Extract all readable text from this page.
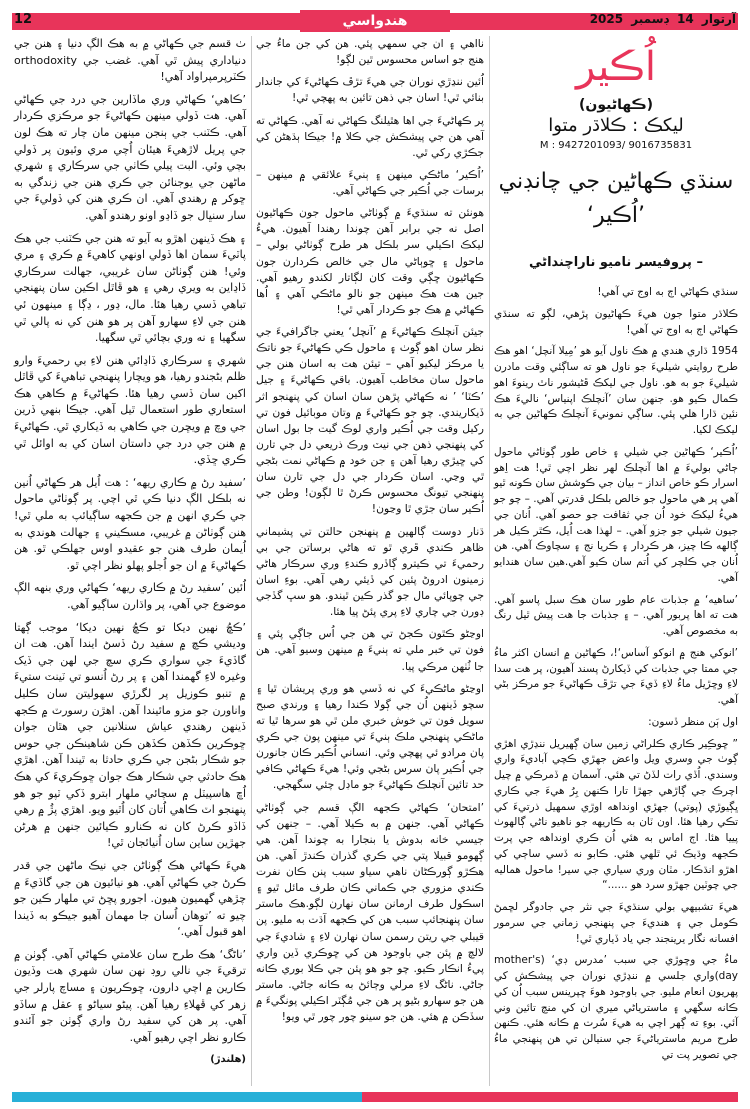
12	هندواسي	آرتوار 14 ڊسمبر 2025
اُڪير
(ڪهاڻيون)
ليکڪ : ڪلاڌر متوا
M : 9427201093/ 9016735831
سنڌي ڪهاڻين جي چانڊني
’اُڪير‘
– پروفيسر ناميو ناراچنداڻي

سنڌي ڪهاڻي اڄ به اوج تي آهي!

ڪلاڌر متوا جون هيءَ ڪهاڻيون پڙهي، لڳو ته سنڌي ڪهاڻي اڄ به اوج تي آهي!

1954 ڌاري هندي ۾ هڪ ناول آيو هو ’مِيلا آنچل‘ اهو هڪ طرح روايتي شيليءَ جو ناول هو ته ساڳئي وقت مادرن شيليءَ جو به هو. ناول جي ليکڪ ڦڻيشور ناٿ رينوءَ اهو ڪمال ڪيو هو. جنهن سان ’آنچلڪ اپنياس‘ ناليءَ هڪ نئين ڌارا هلي پئي. ساڳي نمونيءَ آنچلڪ ڪهاڻين جي به ليکڪ لکيا.

’اُڪير‘ ڪهاڻين جي شيلي ۽ خاص طور ڳوٺاڻي ماحول ڄاڻي بوليءَ ۾ اها آنچلڪ لهر نظر اچي ٿي! هت اِهو اسرار ڪو خاص انداز – بيان جي ڪوشش سان ڪونه ٿيو آهي پر هي ماحول جو خالص بلڪل قدرتي آهي. – چو جو هيءُ ليکڪ خود اُن جي ثقافت جو حصو آهي. اُنان جي جيون شيلي جو جزو آهي. – لهذا هت اُيل، ڪٿر ڪيل هر ڳالهه ڪا چيز، هر ڪردار ۽ ڪريا نج ۽ سچاوڪ آهي. هن اُنان جي ڪلچر کي اُتم سان ڪيو آهي.هين سان هندايو آهي.

’ساهيه‘ ۾ جذبات عام طور سان هڪ سبل پاسو آهي. هت ته اها پربور آهي. – ۽ جذبات جا هت پيش ٿيل رنگ به مخصوص آهي.

’انوکي هنج ۾ انوکو آساس‘!، ڪهاڻين ۾ انسان اکثر ماءُ جي ممتا جي جذبات کي ڏيکارڻ پسند آهيون، پر هت سدا لاءِ وڇڙيل ماءُ لاءِ ڏيءَ جي تڙڦ ڪهاڻيءَ جو مرڪز بڻي آهي.

اول ٻَن منظر ڏسون:

” ڇوڪِير ڪاري ڪلراڻي زمين سان ڳهيريل ننڍڙي اهڙي ڳوٺ جي وسري ويل واعض جهڙي ڪچي آباديءَ واري وسندي. اُڏي رات لڏڻ تي هئي. آسمان ۾ ڏمرڪي ۾ چيل اچرڪ جي ڳاڙهي جهڙا تارا ڪنهن بِرُ هيءَ جي ڪاري ڀڳيوڙي (پوتي) جهڙي اونداهه اوڙي سمهيل ذرتيءَ کي تڪي رهيا هئا. اون ٽان به ڪاريهه جو ناهيو ناڻي ڳالهوٺ پييا هئا. اڄ اماس به هئي اُن ڪري اونداهه جي پرت ڪجهه وڌيڪ ئي ٿلهي هئي. ڪابو نه ڏسي ساڄي کي اهڙو انڌڪار. مٽان وري سياري جي سير! ماحول هماليه جي چوٽين جهڙو سرد هو ......“

هيءَ تشبيهي بولي سنڌيءَ جي نثر جي جادوگر لڇمڻ ڪومل جي ۽ هنديءَ جي پنهنجي زماني جي سرمور افسانه نگار يرينجند جي ياد ڏياري ٿي!

ماءُ جي وڇوڙي جي سبب ’مدرس ڊي‘ (mother's day)واري جلسي ۾ ننڍڙي نوران جي پيشڪش کي پهريون انعام مليو. جي باوجود هوءَ ڇپرينس سبب اُن کي ڪانه سگهي ۽ ماسترياڻي ميري ان کي منچ تائين وني آئي. بوءِ ته ڳهر اچي به هيءَ سُرت ۾ ڪانه هئي. ڪنهن طرح مريم ماسترياڻيءَ جي سنيالن تي هن پنهنجي ماءُ جي تصوير پت تي

نااهي ۽ ان جي سمهي پئي. هن کي جن ماءُ جي هنج جو اساس محسوس ٿين لڳو!

اُئين ننڍڙي نوران جي هيءَ تڙڦ ڪهاڻيءَ کي جاندار بنائي ٿي! اسان جي ذهن تائين به پهچي ٿي!

پر ڪهاڻيءَ جي اها هٿيلنگ ڪهاڻي نه آهي. ڪهاڻي ته آهي هن جي پيشڪش جي ڪلا ۾! جيڪا ٻڌهڻن کي جڪڙي رکي ٿي.

’اُڪير‘ ماڻڪي مينهن ۽ ٻنيءَ علائقي ۾ مينهن – برسات جي اُڪير جي ڪهاڻي آهي.

هونئن ته سنڌيءَ ۾ ڳوٺاڻي ماحول جون ڪهاڻيون اصل نه جي برابر آهن چوندا رهندا آهيون. هيءُ ليکڪ اڪيلي سر بلڪل هر طرح ڳوٺاڻي بولي – ماحول ۽ ڇوٻاڻي مال جي خالص ڪردارن جون ڪهاڻيون ڇڳي وقت کان لڳاتار لکندو رهيو آهي. جين هت هڪ مينهن جو نالو ماڻڪي آهي ۽ اُها ڪهاڻي ۾ هڪ جو ڪردار آهي ٿي!

جيئن آنچلڪ ڪهاڻيءَ ۾ ’آنچل‘ يعني جاگرافيءَ جي نظر سان اهو ڳوٺ ۽ ماحول ڪي ڪهاڻيءَ جو ناتڪ يا مرڪز ليکيو آهي – تيئن هت به اسان هنن جي ماحول سان مخاطب آهيون. باقي ڪهاڻيءَ ۽ جيل ’ڪٽا‘ ’ نه ڪهاڻي پڙهن سان اسان کي پنهنجو اثر ڏيکاريندي. چو جو ڪهاڻيءَ ۾ وتان موبائيل فون تي رکيل وقت جي اُڪير واري لوڪ گيت جا بول اسان کي پنهنجي ذهن جي نيٽ ورڪ ذريعي دل جي تارن کي ڇيڙي رهيا آهن ۽ جن خود ۾ ڪهاڻي نمت بڻجي ٿي وڃي. اسان ڪردار جي دل جي تارن سان پنهنجي تيونگ محسوس ڪرڻ ٿا لڳون! وطن جي اُڪير سان جڙي ٿا وڃون!

ڌنار دوست ڳالهين ۾ پنهنجن حالتن تي پشيماني ظاهر ڪندي ڦري ٿو ته هاڻي برساتن جي بي رحميءَ تي ڪيترو ڳاڏرو ڪندءِ وري سرڪار هاڻي زمينون ادروڻ پئين کي ڏيئي رهي آهي. بوءِ اسان جي چوپائي مال جو گذر ڪين ٿيندو. هو سڀ گڏجي ڊورن جي چاري لاءِ پري پئڻ پيا هئا.

اوڃڻو ڪٿون ڪجڻ تي هن جي اُس جاڳي پئي ۽ فون تي خبر ملي ته ٻنيءَ ۾ مينهن وسيو آهي. هن جا ٺُٺهن مرڪي پيا.

اوڃڻو ماڻڪيءَ کي نه ڏسي هو وري پريشان ٿيا ۽ سچو ڏينهن اُن جي ڳولا ڪندا رهيا ۽ ورندي صبح سويل فون تي خوش خبري ملن ٿي هو سرها ٿيا ته ماڻڪي پنهنجي ملڪ ٻنيءَ تي مينهن پون جي ڪري پان مرادو ئي پهچي وئي. انساني اُڪير ڪان جانورن جي اُڪير پان سرس بڻجي وئي! هيءَ ڪهاڻي ڪافي حد تائين آنچلڪ ڪهاڻيءَ جو ماڊل چئي سگهجي.

’امتحان‘ ڪهاڻي ڪجهه الڳ قسم جي ڳوٺاڻي ڪهاڻي آهي. جنهن ۾ به ڪيلا آهي. – جنهن کي جيسي خانه بدوش يا بنجارا به چوندا آهن. هي ڳهومو قبيلا پتي جي ڪري گذران ڪندڙ آهي. هن هڪڙو ڳورڪڻان ناهي سياو سبب پنن ڪان نفرت ڪندي مزوري جي ڪماني ڪان طرف مائل ٿيو ۽ اسڪول طرف ارمانن سان نهارن لڳو.هڪ ماستر سان پنهنجائپ سبب هن کي ڪجهه آڌت به مليو. پن قيبلي جي ريتن رسمن سان نهارن لاءِ ۽ شاديءَ جي لالچ ۾ پئن جي باوجود هن کي ڇوڪري ڏين واري پيءُ انڪار ڪيو. چو جو هو پئن جي ڪلا بوري ڪانه جاڻي. ناڻگ لاءِ مرلي وڄائڻ به ڪانه جاڻي. ماستر هن جو سهارو بڻيو پر هن جي مُڳٽر اڪيلي پونگيءَ ۾ سڏڪن ۾ هئي. هن جو سينو چور چور ٿي ويو!

ٺ قسم جي ڪهاڻي ۾ به هڪ الڳ دنيا ۽ هنن جي دنياداري پيش ٿي آهي. غضب جي orthodoxity ڪٽرپرمپراواد آهي!

’ڪاهي‘ ڪهاڻي وري ماڏارين جي درد جي ڪهاڻي آهي. هت ڏولي مينهن ڪهاڻيءَ جو مرڪزي ڪردار آهي. ڪٽنب جي ٻنجن مينهن مان چار ته هڪ لون جي پريل لاڙهيءَ هيئان اُچي مري وئيون پر ڏولي بچي وئي. البت پيلي ڪاٺي جي سرڪاري ۽ شهري ماڻهن جي يوجنائن جي ڪري هنن جي زندگي به ڇوکر ۾ رهندي آهي. ان ڪري هنن کي ڏوليءَ جي سار سنڀال جو ڏاڍو اونو رهندو آهي.

۽ هڪ ڏينهن اهڙو به آيو ته هنن جي ڪٽنب جي هڪ پاٽيءَ سمان اها ڏولي اونهي کاهيءَ ۾ ڪري ۽ مري وئي! هنن ڳوٺاڻن سان غريبي، جهالت سرڪاري ڏاڍاين به ويري رهي ۽ هو ڦاٿل اڪين سان پنهنجي تباهي ڏسي رهيا هئا. مال، ڍور ، ڍڳا ۽ مينهون ئي هنن جي لاءِ سهارو آهن پر هو هنن کي نه پالي ٿي سگهيا ۽ نه وري بچائي ٿي سگهيا.

شهري ۽ سرڪاري ڏاڍائي هنن لاءِ بي رحميءَ وارو ظلم بڻجندو رهيا، هو ويچارا پنهنجي تباهيءَ کي ڦاٿل اکين سان ڏسي رهيا هئا. ڪهاڻيءَ ۾ ڪاهي هڪ استعاري طور استعمال ٿيل آهي. جيڪا بنهي ڏرين جي وچ ۾ ويڇرن جي ڪاهي به ڏيکاري ٿي. ڪهاڻيءَ ۾ هنن جي درد جي داستان اسان کي به اوائل ٿي ڪري ڇڏي.

’سفيد رڻ ۾ ڪاري ريهه‘ : هت اُيل هر ڪهاڻي اُنين نه بلڪل الڳ دنيا ڪي ٿي اچي. پر ڳوٺاڻي ماحول جي ڪري انهن ۾ جن ڪجهه ساڳيائپ به ملي ٿي! هنن ڳوٺاڻن ۾ غريبي، مسڪيني ۽ جهالت هوندي به اُيمان طرف هنن جو عقيدو اوس جهلڪي ٿو. هن ڪهاڻيءَ ۾ ان جو اُجلو پهلو نظر اچي ٿو.

اُئين ’سفيد رڻ ۾ ڪاري ريهه‘ ڪهاڻي وري بنهه الڳ موضوع جي آهي، پر واڌارن ساڳيو آهي.

’ڪڇُ نهين ديکا تو ڪڇُ نهين ديکا‘ موجب ڳهتا وديشي ڪچ ۾ سفيد رڻ ڏسڻ ايندا آهن. هت ان گاڏيءَ جي سواري ڪري سچ جي لهن جي ڏيک وغيره لاءِ گهمندا آهن ۽ پر رڻ اُنسو تي ٽينٽ ستيءَ ۾ تنبو ڪوزيل پر لگرڙي سهوليتن سان ڪليل واناورن جو مزو مائيندا آهن. اهڙن رسورٽ ۾ ڪجھ ڏينهن رهندي عياش سنلانين جي هٿان جوان ڇوڪرين ڪڏهن ڪڏهن ڪن شاهينڪن جي حوس جو شڪار بڻجن جي ڪري حادثا به ٿيندا آهن. اهڙي هڪ حادثي جي شڪار هڪ جوان ڇوڪريءَ کي هڪ اُڇ هاسپيٽل ۾ سچائي ملهار ابترو ڏکي ٽپو جو هو پنهنجو اٽ ڪاهي اُتان کان اُٿيو ويو. اهڙي پڙُ ۾ رهي ڏاڏو ڪرڻ کان نه ڪنارو ڪيائين جنهن ۾ هرڻن جهڙين ساين سان اُنيائجان ٿي!

هيءَ ڪهاڻي هڪ ڳوٺاڻن جي نيڪ ماڻهن جي قدر ڪرڻ جي ڪهاڻي آهي. هو نيائيون هن جي گاڏيءَ ۾ چڙهي گهميون هيون. اجورو پڇڻ تي ملهار ڪين جو چيو ته ’توهان اُسان جا مهمان آهيو جيڪو به ڏيندا اهو قبول آهي.‘

’ناڻگ‘ هڪ طرح سان علامتي ڪهاڻي آهي. ڳوٺن ۾ ترقيءَ جي نالي روڊ نهن سان شهري هت وڏيون ڪارين ۾ اچي دارون، ڇوڪريون ۽ مساچ پارلر جي زهر کي ڦهلاءِ رهيا آهن. پيڻو سياڻو ۽ عقل ۾ ساڏو آهي. پر هن کي سفيد رڻ واري ڳوٺن جو آئندو ڪارو نظر اچي رهيو آهي.

(هلندڙ)
